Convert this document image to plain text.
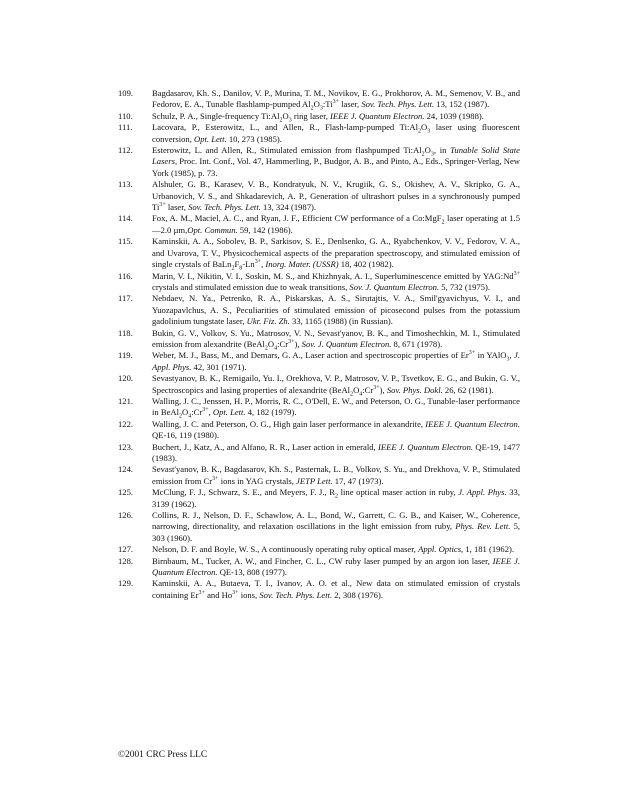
109.	Bagdasarov, Kh. S., Danilov, V. P., Murina, T. M., Novikov, E. G., Prokhorov, A. M., Semenov, V. B., and Fedorov, E. A., Tunable flashlamp-pumped $Al_2O_3:Ti^{3+}$ laser, Sov. Tech. Phys. Lett. 13, 152 (1987).
110.	Schulz, P. A., Single-frequency $Ti:Al_2O_3$ ring laser, IEEE J. Quantum Electron. 24, 1039 (1988).
111.	Lacovara, P., Esterowitz, L., and Allen, R., Flash-lamp-pumped $Ti:Al_2O_3$ laser using fluorescent conversion, Opt. Lett. 10, 273 (1985).
112.	Esterowitz, L. and Allen, R., Stimulated emission from flashpumped $Ti:Al_2O_3$, in Tunable Solid State Lasers, Proc. Int. Conf., Vol. 47, Hammerling, P., Budgor, A. B., and Pinto, A., Eds., Springer-Verlag, New York (1985), p. 73.
113.	Alshuler, G. B., Karasev, V. B., Kondratyuk, N. V., Krugiik, G. S., Okishev, A. V., Skripko, G. A., Urbanovich, V. S., and Shkadarevich, A. P., Generation of ultrashort pulses in a synchronously pumped $Ti^{3+}$ laser, Sov. Tech. Phys. Lett. 13, 324 (1987).
114.	Fox, A. M., Maciel, A. C., and Ryan, J. F., Efficient CW performance of a Co:MgF$_2$ laser operating at 1.5—2.0 µm,Opt. Commun. 59, 142 (1986).
115.	Kaminskii, A. A., Sobolev, B. P., Sarkisov, S. E., Denlsenko, G. A., Ryabchenkov, V. V., Fedorov, V. A., and Uvarova, T. V., Physicochemical aspects of the preparation spectroscopy, and stimulated emission of single crystals of $BaLn_2F_8-Ln^{3+}$, Inorg. Mater. (USSR) 18, 402 (1982).
116.	Marin, V. I., Nikitin, V. I., Soskin, M. S., and Khizhnyak, A. I., Superluminescence emitted by $YAG:Nd^{3+}$ crystals and stimulated emission due to weak transitions, Sov. J. Quantum Electron. 5, 732 (1975).
117.	Nebdaev, N. Ya., Petrenko, R. A., Piskarskas, A. S., Sirutajtis, V. A., Smil'gyavichyus, V. I., and Yuozapavlchus, A. S., Peculiarities of stimulated emission of picosecond pulses from the potassium gadolinium tungstate laser, Ukr. Fiz. Zh. 33, 1165 (1988) (in Russian).
118.	Bukin, G. V., Volkov, S. Yu., Matrosov, V. N., Sevast'yanov, B. K., and Timoshechkin, M. I., Stimulated emission from alexandrite $(BeAl_2O_4:Cr^{3+})$, Sov. J. Quantum Electron. 8, 671 (1978).
119.	Weber, M. J., Bass, M., and Demars, G. A., Laser action and spectroscopic properties of $Er^{3+}$ in YAlO$_3$, J. Appl. Phys. 42, 301 (1971).
120.	Sevastyanov, B. K., Remigailo, Yu. I., Orekhova, V. P., Matrosov, V. P., Tsvetkov, E. G., and Bukin, G. V., Spectroscopics and lasing properties of alexandrite $(BeAl_2O_4:Cr^{3+})$, Sov. Phys. Dokl. 26, 62 (1981).
121.	Walling, J. C., Jenssen, H. P., Morris, R. C., O'Dell, E. W., and Peterson, O. G., Tunable-laser performance in $BeAl_2O_4:Cr^{3+}$, Opt. Lett. 4, 182 (1979).
122.	Walling, J. C. and Peterson, O. G., High gain laser performance in alexandrite, IEEE J. Quantum Electron. QE-16, 119 (1980).
123.	Buchert, J., Katz, A., and Alfano, R. R., Laser action in emerald, IEEE J. Quantum Electron. QE-19, 1477 (1983).
124.	Sevast'yanov, B. K., Bagdasarov, Kh. S., Pasternak, L. B., Volkov, S. Yu., and Drekhova, V. P., Stimulated emission from $Cr^{3+}$ ions in YAG crystals, JETP Lett. 17, 47 (1973).
125.	McClung, F. J., Schwarz, S. E., and Meyers, F. J., $R_2$ line optical maser action in ruby, J. Appl. Phys. 33, 3139 (1962).
126.	Collins, R. J., Nelson, D. F., Schawlow, A. L., Bond, W., Garrett, C. G. B., and Kaiser, W., Coherence, narrowing, directionality, and relaxation oscillations in the light emission from ruby, Phys. Rev. Lett. 5, 303 (1960).
127.	Nelson, D. F. and Boyle, W. S., A continuously operating ruby optical maser, Appl. Optics, 1, 181 (1962).
128.	Birnbaum, M., Tucker, A. W., and Fincher, C. L., CW ruby laser pumped by an argon ion laser, IEEE J. Quantum Electron. QE-13, 808 (1977).
129.	Kaminskii, A. A., Butaeva, T. I., Ivanov, A. O. et al., New data on stimulated emission of crystals containing $Er^{3+}$ and $Ho^{3+}$ ions, Sov. Tech. Phys. Lett. 2, 308 (1976).
©2001 CRC Press LLC
